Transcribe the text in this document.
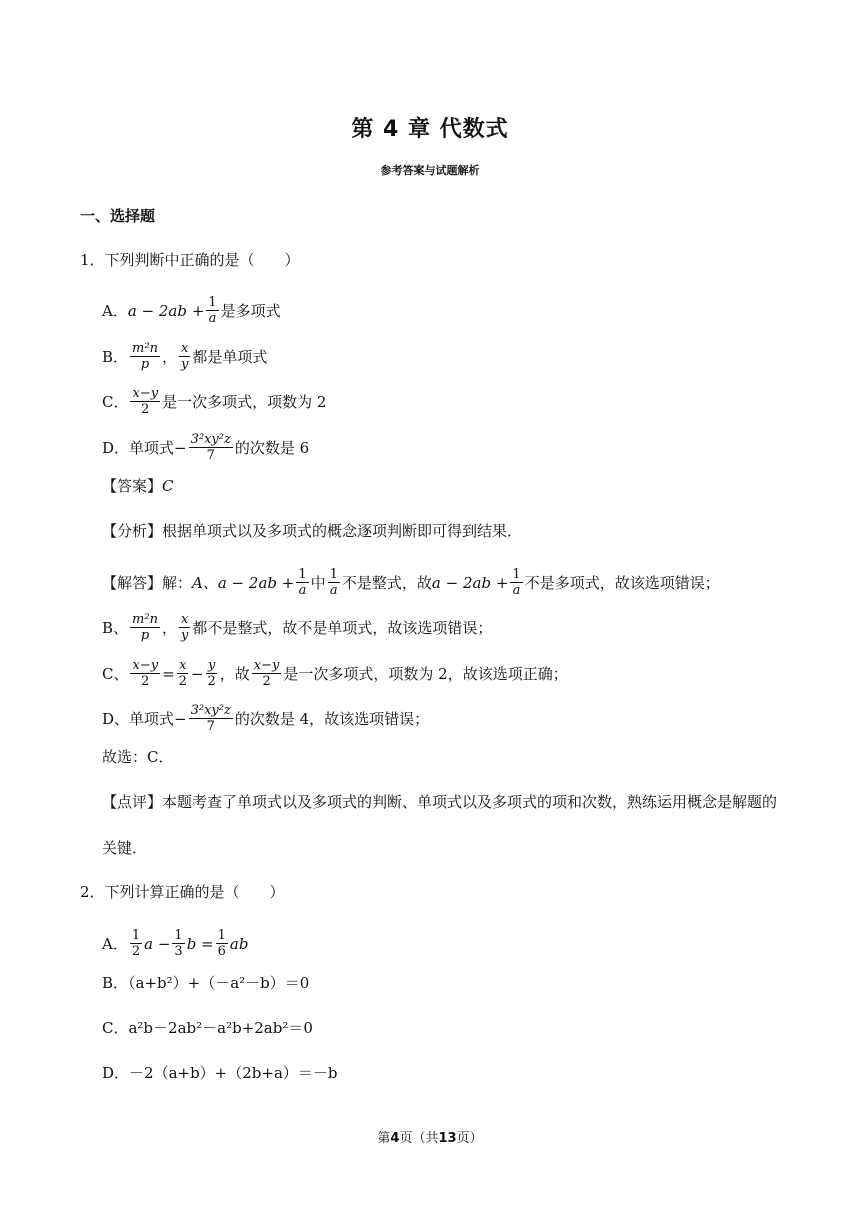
第 4 章 代数式
参考答案与试题解析
一、选择题
1．下列判断中正确的是（　　）
A． $a - 2ab + \frac{1}{a}$ 是多项式
B． $\frac{\text{m²n}}{p}$ ， $\frac{x}{y}$ 都是单项式
C． $\frac{x-y}{2}$ 是一次多项式，项数为 2
D．单项式− $\frac{\text{3²xy²z}}{7}$ 的次数是 6
【答案】 C
【分析】根据单项式以及多项式的概念逐项判断即可得到结果．
【解答】解： A、$a - 2ab + \frac{1}{a}$ 中 $\frac{1}{a}$ 不是整式，故 $a - 2ab + \frac{1}{a}$ 不是多项式，故该选项错误；
B、 $\frac{\text{m²n}}{p}$ ， $\frac{x}{y}$ 都不是整式，故不是单项式，故该选项错误；
C、 $\frac{x-y}{2} = \frac{x}{2} - \frac{y}{2}$ ，故 $\frac{x-y}{2}$ 是一次多项式，项数为 2，故该选项正确；
D、单项式− $\frac{\text{3²xy²z}}{7}$ 的次数是 4，故该选项错误；
故选：C．
【点评】本题考查了单项式以及多项式的判断、单项式以及多项式的项和次数，熟练运用概念是解题的
关键．
2．下列计算正确的是（　　）
A． $\frac{1}{2}$ $a - \frac{1}{3}$ $b = \frac{1}{6}$ ab
B．（a+b²）+（－a²－b）＝0
C．a²b－2ab²－a²b+2ab²＝0
D．－2（a+b）+（2b+a）＝－b
第4页（共13页）
